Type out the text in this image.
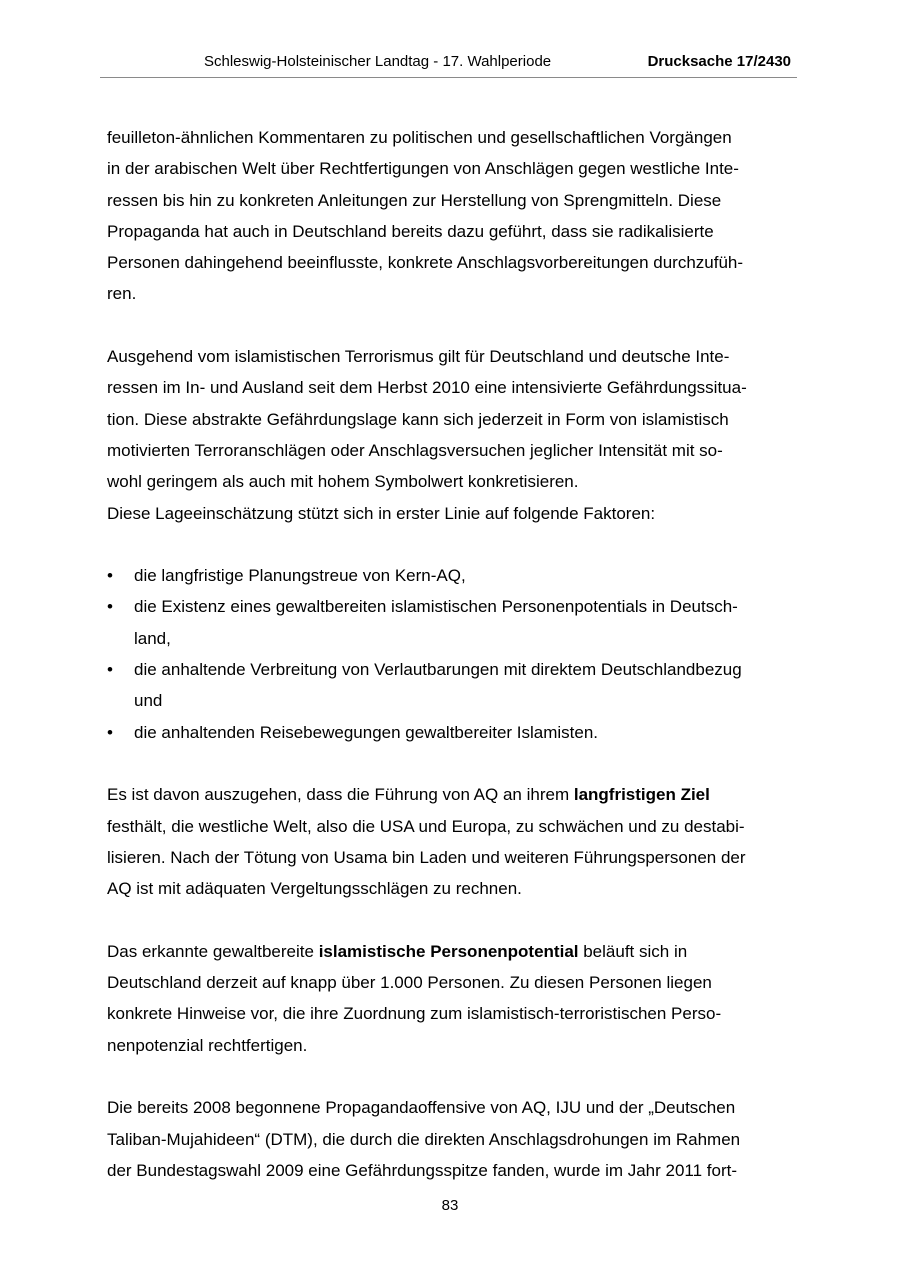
Schleswig-Holsteinischer Landtag - 17. Wahlperiode	Drucksache 17/2430
feuilleton-ähnlichen Kommentaren zu politischen und gesellschaftlichen Vorgängen
in der arabischen Welt über Rechtfertigungen von Anschlägen gegen westliche Inte-
ressen bis hin zu konkreten Anleitungen zur Herstellung von Sprengmitteln. Diese
Propaganda hat auch in Deutschland bereits dazu geführt, dass sie radikalisierte
Personen dahingehend beeinflusste, konkrete Anschlagsvorbereitungen durchzufüh-
ren.
Ausgehend vom islamistischen Terrorismus gilt für Deutschland und deutsche Inte-
ressen im In- und Ausland seit dem Herbst 2010 eine intensivierte Gefährdungssitua-
tion. Diese abstrakte Gefährdungslage kann sich jederzeit in Form von islamistisch
motivierten Terroranschlägen oder Anschlagsversuchen jeglicher Intensität mit so-
wohl geringem als auch mit hohem Symbolwert konkretisieren.
Diese Lageeinschätzung stützt sich in erster Linie auf folgende Faktoren:
• die langfristige Planungstreue von Kern-AQ,
• die Existenz eines gewaltbereiten islamistischen Personenpotentials in Deutsch-
land,
• die anhaltende Verbreitung von Verlautbarungen mit direktem Deutschlandbezug
und
• die anhaltenden Reisebewegungen gewaltbereiter Islamisten.
Es ist davon auszugehen, dass die Führung von AQ an ihrem langfristigen Ziel
festhält, die westliche Welt, also die USA und Europa, zu schwächen und zu destabi-
lisieren. Nach der Tötung von Usama bin Laden und weiteren Führungspersonen der
AQ ist mit adäquaten Vergeltungsschlägen zu rechnen.
Das erkannte gewaltbereite islamistische Personenpotential beläuft sich in
Deutschland derzeit auf knapp über 1.000 Personen. Zu diesen Personen liegen
konkrete Hinweise vor, die ihre Zuordnung zum islamistisch-terroristischen Perso-
nenpotenzial rechtfertigen.
Die bereits 2008 begonnene Propagandaoffensive von AQ, IJU und der „Deutschen
Taliban-Mujahideen“ (DTM), die durch die direkten Anschlagsdrohungen im Rahmen
der Bundestagswahl 2009 eine Gefährdungsspitze fanden, wurde im Jahr 2011 fort-
83
